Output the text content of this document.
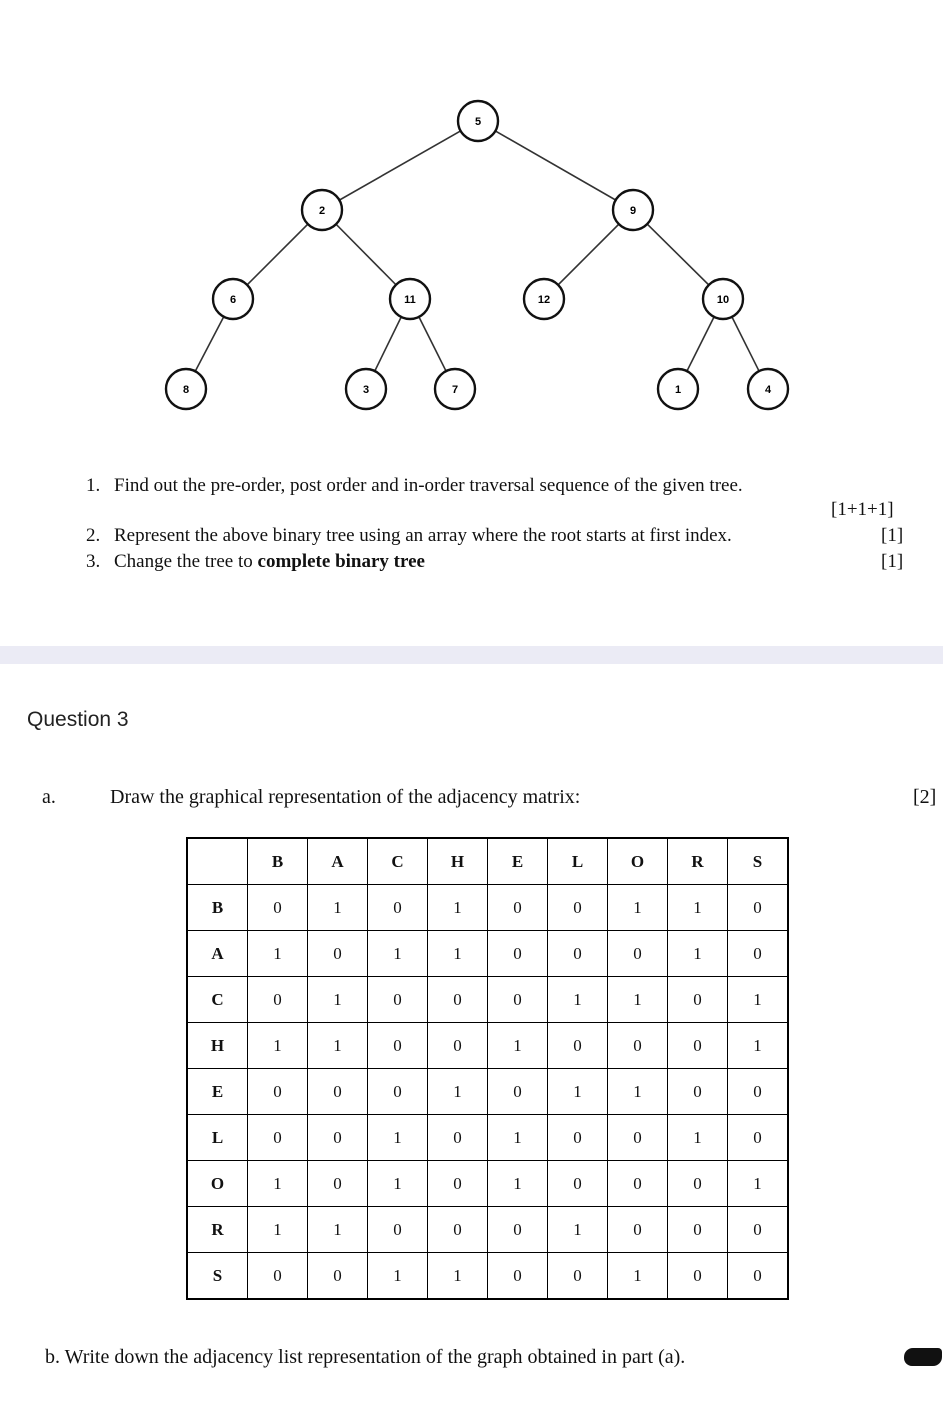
5
2	9
6	11	12	10
8	3	7	1	4
1. Find out the pre-order, post order and in-order traversal sequence of the given tree.
[1+1+1]
2. Represent the above binary tree using an array where the root starts at first index.	[1]
3. Change the tree to complete binary tree	[1]
Question 3
a.	Draw the graphical representation of the adjacency matrix:	[2]
	B	A	C	H	E	L	O	R	S
B	0	1	0	1	0	0	1	1	0
A	1	0	1	1	0	0	0	1	0
C	0	1	0	0	0	1	1	0	1
H	1	1	0	0	1	0	0	0	1
E	0	0	0	1	0	1	1	0	0
L	0	0	1	0	1	0	0	1	0
O	1	0	1	0	1	0	0	0	1
R	1	1	0	0	0	1	0	0	0
S	0	0	1	1	0	0	1	0	0
b. Write down the adjacency list representation of the graph obtained in part (a).
